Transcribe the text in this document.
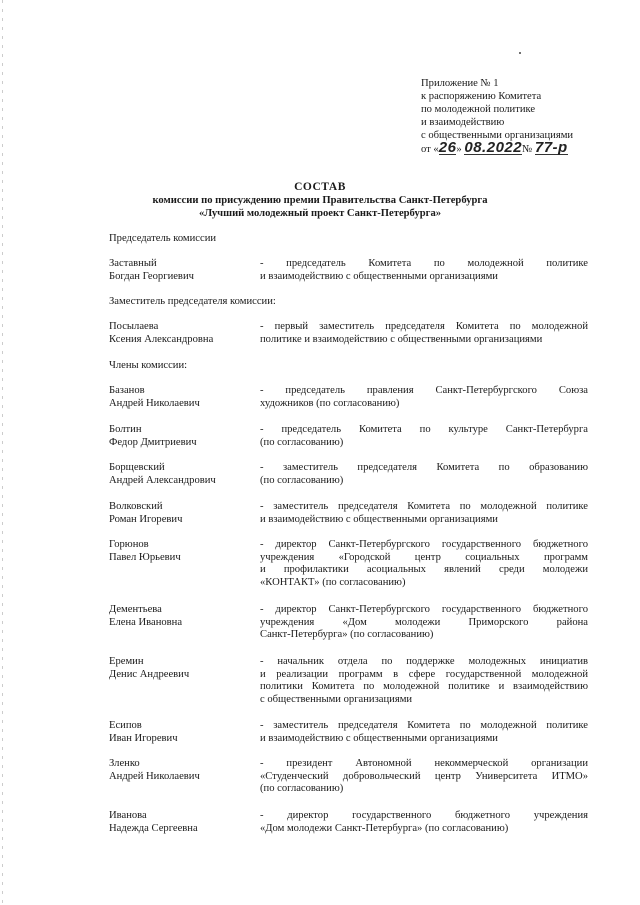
Приложение № 1
к распоряжению Комитета
по молодежной политике
и взаимодействию
с общественными организациями
от «26» 08.2022№ 77-р
СОСТАВ
комиссии по присуждению премии Правительства Санкт-Петербурга
«Лучший молодежный проект Санкт-Петербурга»
Председатель комиссии
Заместитель председателя комиссии:
Члены комиссии:
Заставный
Богдан Георгиевич
- председатель Комитета по молодежной политике
и взаимодействию с общественными организациями
Посылаева
Ксения Александровна
- первый заместитель председателя Комитета по молодежной
политике и взаимодействию с общественными организациями
Базанов
Андрей Николаевич
- председатель правления Санкт-Петербургского Союза
художников (по согласованию)
Болтин
Федор Дмитриевич
- председатель Комитета по культуре Санкт-Петербурга
(по согласованию)
Борщевский
Андрей Александрович
- заместитель председателя Комитета по образованию
(по согласованию)
Волковский
Роман Игоревич
- заместитель председателя Комитета по молодежной политике
и взаимодействию с общественными организациями
Горюнов
Павел Юрьевич
- директор Санкт-Петербургского государственного бюджетного
учреждения «Городской центр социальных программ
и профилактики асоциальных явлений среди молодежи
«КОНТАКТ» (по согласованию)
Дементьева
Елена Ивановна
- директор Санкт-Петербургского государственного бюджетного
учреждения «Дом молодежи Приморского района
Санкт-Петербурга» (по согласованию)
Еремин
Денис Андреевич
- начальник отдела по поддержке молодежных инициатив
и реализации программ в сфере государственной молодежной
политики Комитета по молодежной политике и взаимодействию
с общественными организациями
Есипов
Иван Игоревич
- заместитель председателя Комитета по молодежной политике
и взаимодействию с общественными организациями
Зленко
Андрей Николаевич
- президент Автономной некоммерческой организации
«Студенческий добровольческий центр Университета ИТМО»
(по согласованию)
Иванова
Надежда Сергеевна
- директор государственного бюджетного учреждения
«Дом молодежи Санкт-Петербурга» (по согласованию)
